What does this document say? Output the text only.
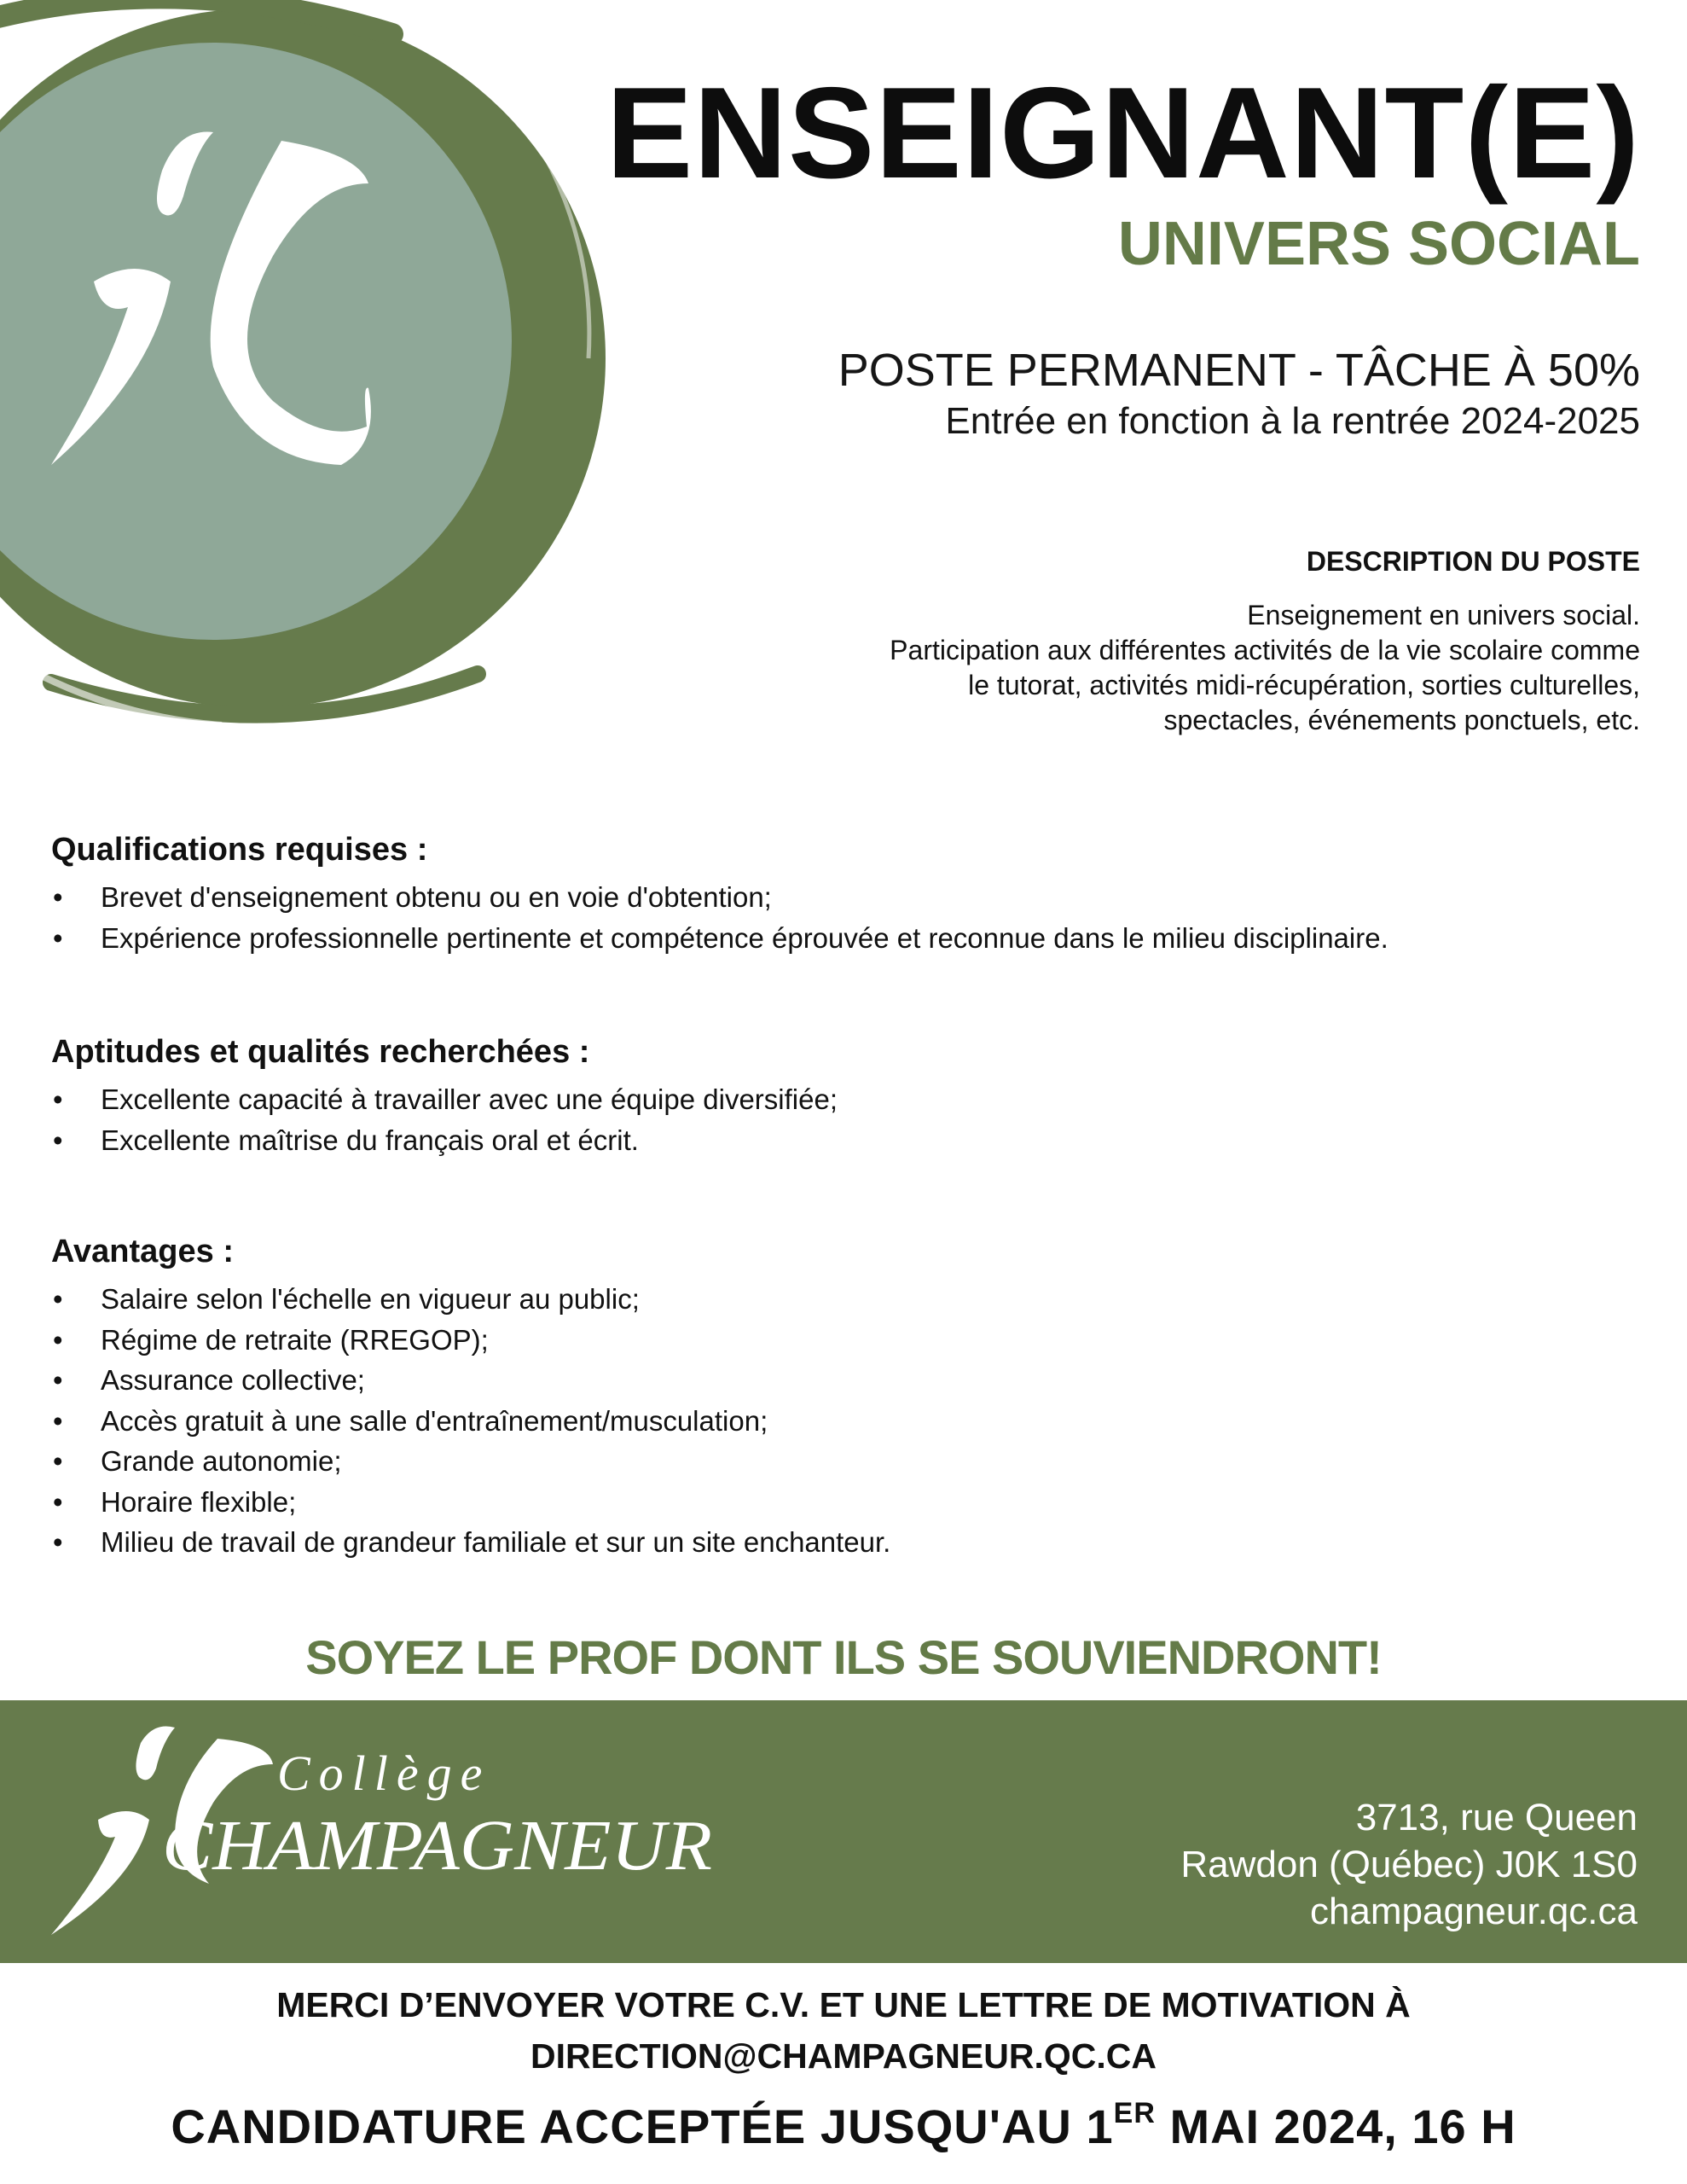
ENSEIGNANT(E)
UNIVERS SOCIAL
POSTE PERMANENT - TÂCHE À 50%
Entrée en fonction à la rentrée 2024-2025
DESCRIPTION DU POSTE
Enseignement en univers social.
Participation aux différentes activités de la vie scolaire comme
le tutorat, activités midi-récupération, sorties culturelles,
spectacles, événements ponctuels, etc.
Qualifications requises :
• Brevet d'enseignement obtenu ou en voie d'obtention;
• Expérience professionnelle pertinente et compétence éprouvée et reconnue dans le milieu disciplinaire.
Aptitudes et qualités recherchées :
• Excellente capacité à travailler avec une équipe diversifiée;
• Excellente maîtrise du français oral et écrit.
Avantages :
• Salaire selon l'échelle en vigueur au public;
• Régime de retraite (RREGOP);
• Assurance collective;
• Accès gratuit à une salle d'entraînement/musculation;
• Grande autonomie;
• Horaire flexible;
• Milieu de travail de grandeur familiale et sur un site enchanteur.
SOYEZ LE PROF DONT ILS SE SOUVIENDRONT!
Collège
CHAMPAGNEUR	3713, rue Queen
Rawdon (Québec) J0K 1S0
champagneur.qc.ca
MERCI D’ENVOYER VOTRE C.V. ET UNE LETTRE DE MOTIVATION À
DIRECTION@CHAMPAGNEUR.QC.CA
CANDIDATURE ACCEPTÉE JUSQU'AU 1ER MAI 2024, 16 H
